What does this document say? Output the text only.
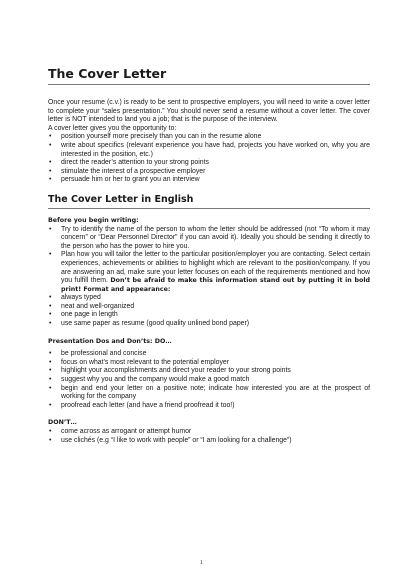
The Cover Letter

Once your resume (c.v.) is ready to be sent to prospective employers, you will need to write a cover letter to complete your “sales presentation.” You should never send a resume without a cover letter. The cover letter is NOT intended to land you a job; that is the purpose of the interview.

A cover letter gives you the opportunity to:

• position yourself more precisely than you can in the resume alone
• write about specifics (relevant experience you have had, projects you have worked on, why you are interested in the position, etc.)
• direct the reader’s attention to your strong points
• stimulate the interest of a prospective employer
• persuade him or her to grant you an interview
The Cover Letter in English

Before you begin writing:

• Try to identify the name of the person to whom the letter should be addressed (not “To whom it may concern” or “Dear Personnel Director” if you can avoid it). Ideally you should be sending it directly to the person who has the power to hire you.
• Plan how you will tailor the letter to the particular position/employer you are contacting. Select certain experiences, achievements or abilities to highlight which are relevant to the position/company. If you are answering an ad, make sure your letter focuses on each of the requirements mentioned and how you fulfill them. Don’t be afraid to make this information stand out by putting it in bold print! Format and appearance:
• always typed
• neat and well-organized
• one page in length
• use same paper as resume (good quality unlined bond paper)

Presentation Dos and Don’ts: DO…

• be professional and concise
• focus on what’s most relevant to the potential employer
• highlight your accomplishments and direct your reader to your strong points
• suggest why you and the company would make a good match
• begin and end your letter on a positive note; indicate how interested you are at the prospect of working for the company
• proofread each letter (and have a friend proofread it too!)

DON’T…

• come across as arrogant or attempt humor
• use clichés (e.g “I like to work with people” or “I am looking for a challenge”)
1
